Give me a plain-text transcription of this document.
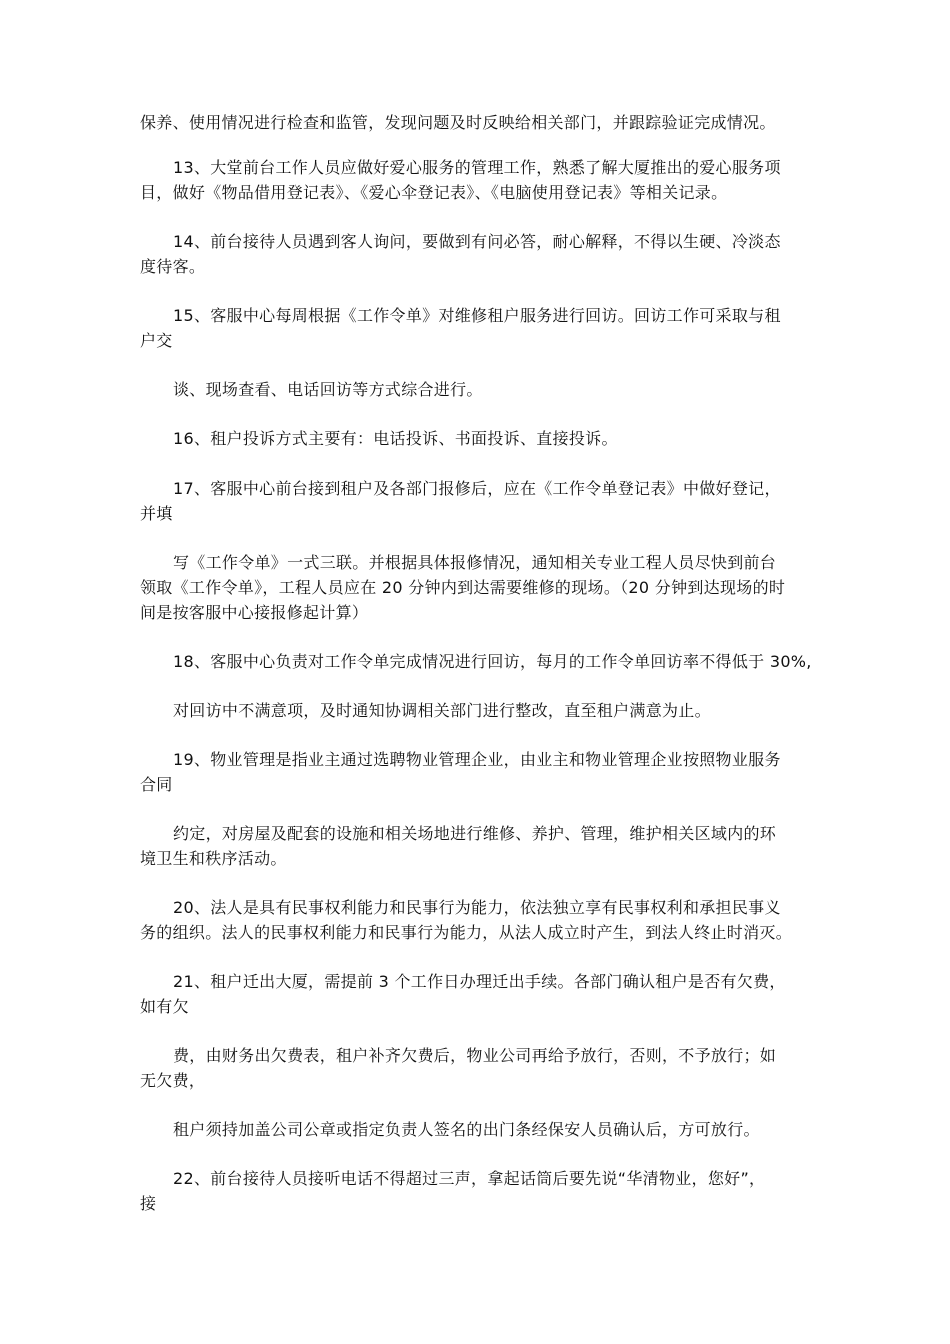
保养、使用情况进行检查和监管，发现问题及时反映给相关部门，并跟踪验证完成情况。

13、大堂前台工作人员应做好爱心服务的管理工作，熟悉了解大厦推出的爱心服务项

目，做好《物品借用登记表》、《爱心伞登记表》、《电脑使用登记表》等相关记录。

14、前台接待人员遇到客人询问，要做到有问必答，耐心解释，不得以生硬、冷淡态

度待客。

15、客服中心每周根据《工作令单》对维修租户服务进行回访。回访工作可采取与租

户交

谈、现场查看、电话回访等方式综合进行。

16、租户投诉方式主要有：电话投诉、书面投诉、直接投诉。

17、客服中心前台接到租户及各部门报修后，应在《工作令单登记表》中做好登记，

并填

写《工作令单》一式三联。并根据具体报修情况，通知相关专业工程人员尽快到前台

领取《工作令单》，工程人员应在 20 分钟内到达需要维修的现场。（20 分钟到达现场的时

间是按客服中心接报修起计算）

18、客服中心负责对工作令单完成情况进行回访，每月的工作令单回访率不得低于 30%,

对回访中不满意项，及时通知协调相关部门进行整改，直至租户满意为止。

19、物业管理是指业主通过选聘物业管理企业，由业主和物业管理企业按照物业服务

合同

约定，对房屋及配套的设施和相关场地进行维修、养护、管理，维护相关区域内的环

境卫生和秩序活动。

20、法人是具有民事权利能力和民事行为能力，依法独立享有民事权利和承担民事义

务的组织。法人的民事权利能力和民事行为能力，从法人成立时产生，到法人终止时消灭。

21、租户迁出大厦，需提前 3 个工作日办理迁出手续。各部门确认租户是否有欠费，

如有欠

费，由财务出欠费表，租户补齐欠费后，物业公司再给予放行，否则，不予放行；如

无欠费，

租户须持加盖公司公章或指定负责人签名的出门条经保安人员确认后，方可放行。

22、前台接待人员接听电话不得超过三声，拿起话筒后要先说“华清物业，您好”，

接
